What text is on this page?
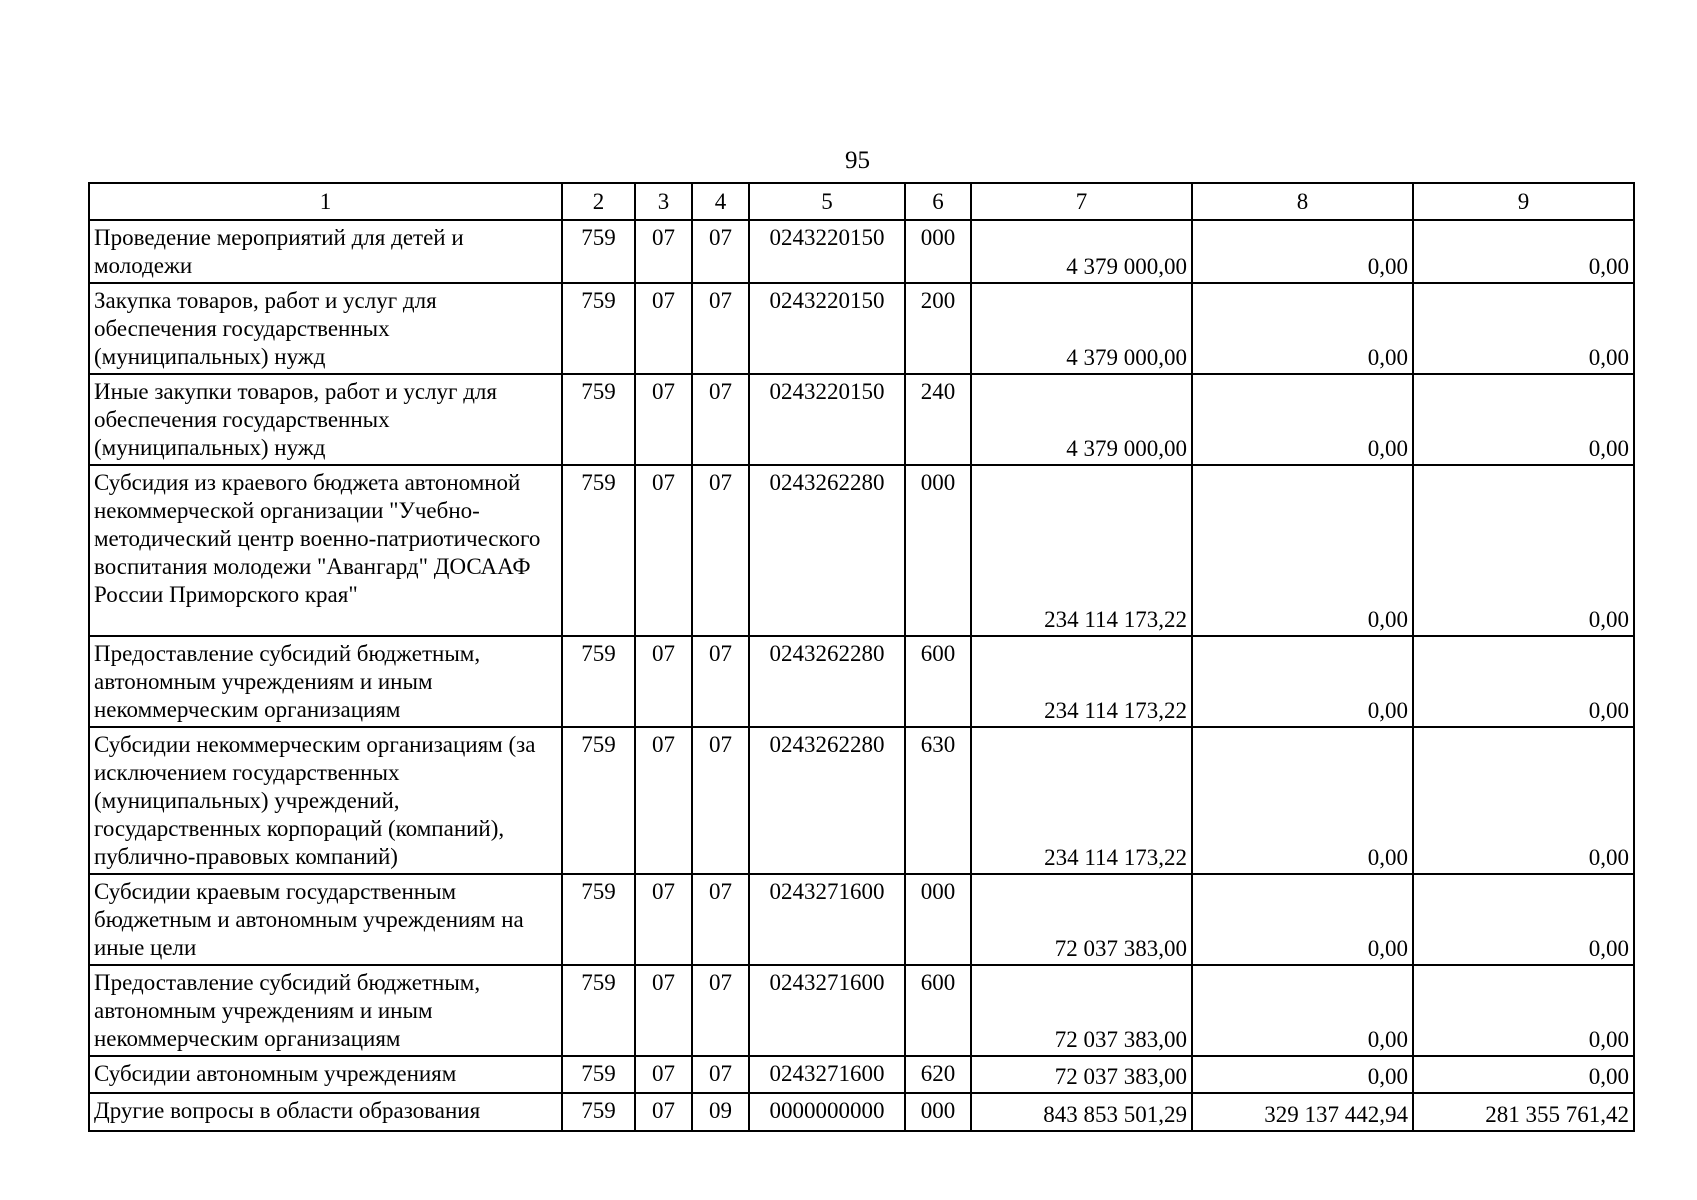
95
1	2	3	4	5	6	7	8	9
Проведение мероприятий для детей и молодежи	759	07	07	0243220150	000	4 379 000,00	0,00	0,00
Закупка товаров, работ и услуг для обеспечения государственных (муниципальных) нужд	759	07	07	0243220150	200	4 379 000,00	0,00	0,00
Иные закупки товаров, работ и услуг для обеспечения государственных (муниципальных) нужд	759	07	07	0243220150	240	4 379 000,00	0,00	0,00
Субсидия из краевого бюджета автономной некоммерческой организации "Учебно-методический центр военно-патриотического воспитания молодежи "Авангард" ДОСААФ России Приморского края"	759	07	07	0243262280	000	234 114 173,22	0,00	0,00
Предоставление субсидий бюджетным, автономным учреждениям и иным некоммерческим организациям	759	07	07	0243262280	600	234 114 173,22	0,00	0,00
Субсидии некоммерческим организациям (за исключением государственных (муниципальных) учреждений, государственных корпораций (компаний), публично-правовых компаний)	759	07	07	0243262280	630	234 114 173,22	0,00	0,00
Субсидии краевым государственным бюджетным и автономным учреждениям на иные цели	759	07	07	0243271600	000	72 037 383,00	0,00	0,00
Предоставление субсидий бюджетным, автономным учреждениям и иным некоммерческим организациям	759	07	07	0243271600	600	72 037 383,00	0,00	0,00
Субсидии автономным учреждениям	759	07	07	0243271600	620	72 037 383,00	0,00	0,00
Другие вопросы в области образования	759	07	09	0000000000	000	843 853 501,29	329 137 442,94	281 355 761,42
